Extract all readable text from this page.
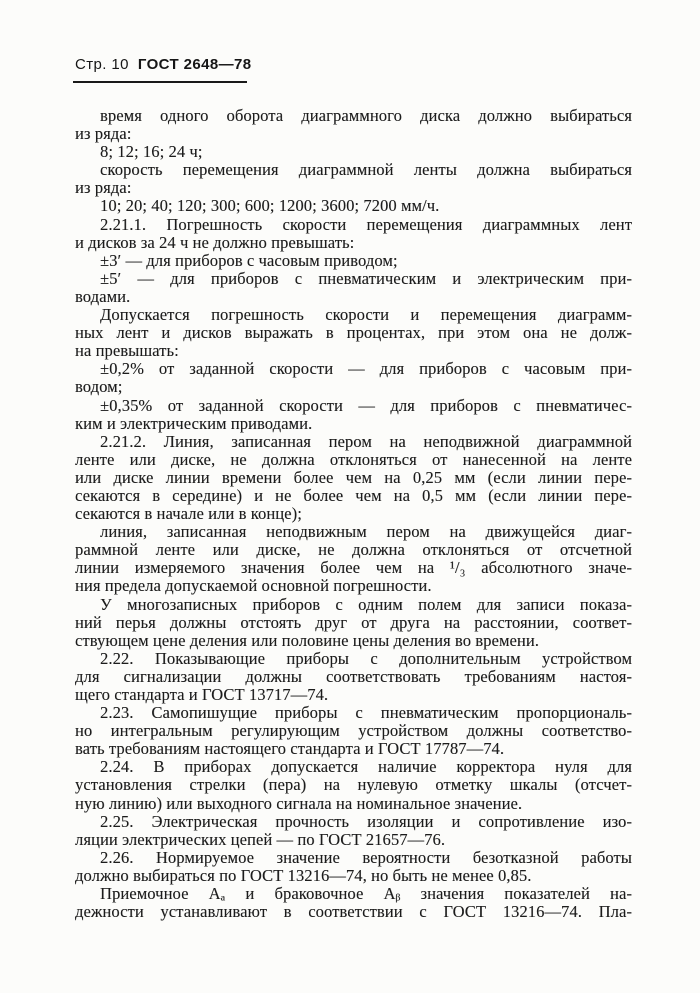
Стр. 10 ГОСТ 2648—78
время одного оборота диаграммного диска должно выбираться
из ряда:
8; 12; 16; 24 ч;
скорость перемещения диаграммной ленты должна выбираться
из ряда:
10; 20; 40; 120; 300; 600; 1200; 3600; 7200 мм/ч.
2.21.1. Погрешность скорости перемещения диаграммных лент
и дисков за 24 ч не должно превышать:
±3′ — для приборов с часовым приводом;
±5′ — для приборов с пневматическим и электрическим при-
водами.
Допускается погрешность скорости и перемещения диаграмм-
ных лент и дисков выражать в процентах, при этом она не долж-
на превышать:
±0,2% от заданной скорости — для приборов с часовым при-
водом;
±0,35% от заданной скорости — для приборов с пневматичес-
ким и электрическим приводами.
2.21.2. Линия, записанная пером на неподвижной диаграммной
ленте или диске, не должна отклоняться от нанесенной на ленте
или диске линии времени более чем на 0,25 мм (если линии пере-
секаются в середине) и не более чем на 0,5 мм (если линии пере-
секаются в начале или в конце);
линия, записанная неподвижным пером на движущейся диаг-
раммной ленте или диске, не должна отклоняться от отсчетной
линии измеряемого значения более чем на ¹/₃ абсолютного значе-
ния предела допускаемой основной погрешности.
У многозаписных приборов с одним полем для записи показа-
ний перья должны отстоять друг от друга на расстоянии, соответ-
ствующем цене деления или половине цены деления во времени.
2.22. Показывающие приборы с дополнительным устройством
для сигнализации должны соответствовать требованиям настоя-
щего стандарта и ГОСТ 13717—74.
2.23. Самопишущие приборы с пневматическим пропорциональ-
но интегральным регулирующим устройством должны соответство-
вать требованиям настоящего стандарта и ГОСТ 17787—74.
2.24. В приборах допускается наличие корректора нуля для
установления стрелки (пера) на нулевую отметку шкалы (отсчет-
ную линию) или выходного сигнала на номинальное значение.
2.25. Электрическая прочность изоляции и сопротивление изо-
ляции электрических цепей — по ГОСТ 21657—76.
2.26. Нормируемое значение вероятности безотказной работы
должно выбираться по ГОСТ 13216—74, но быть не менее 0,85.
Приемочное Aₐ и браковочное Aᵦ значения показателей на-
дежности устанавливают в соответствии с ГОСТ 13216—74. Пла-
